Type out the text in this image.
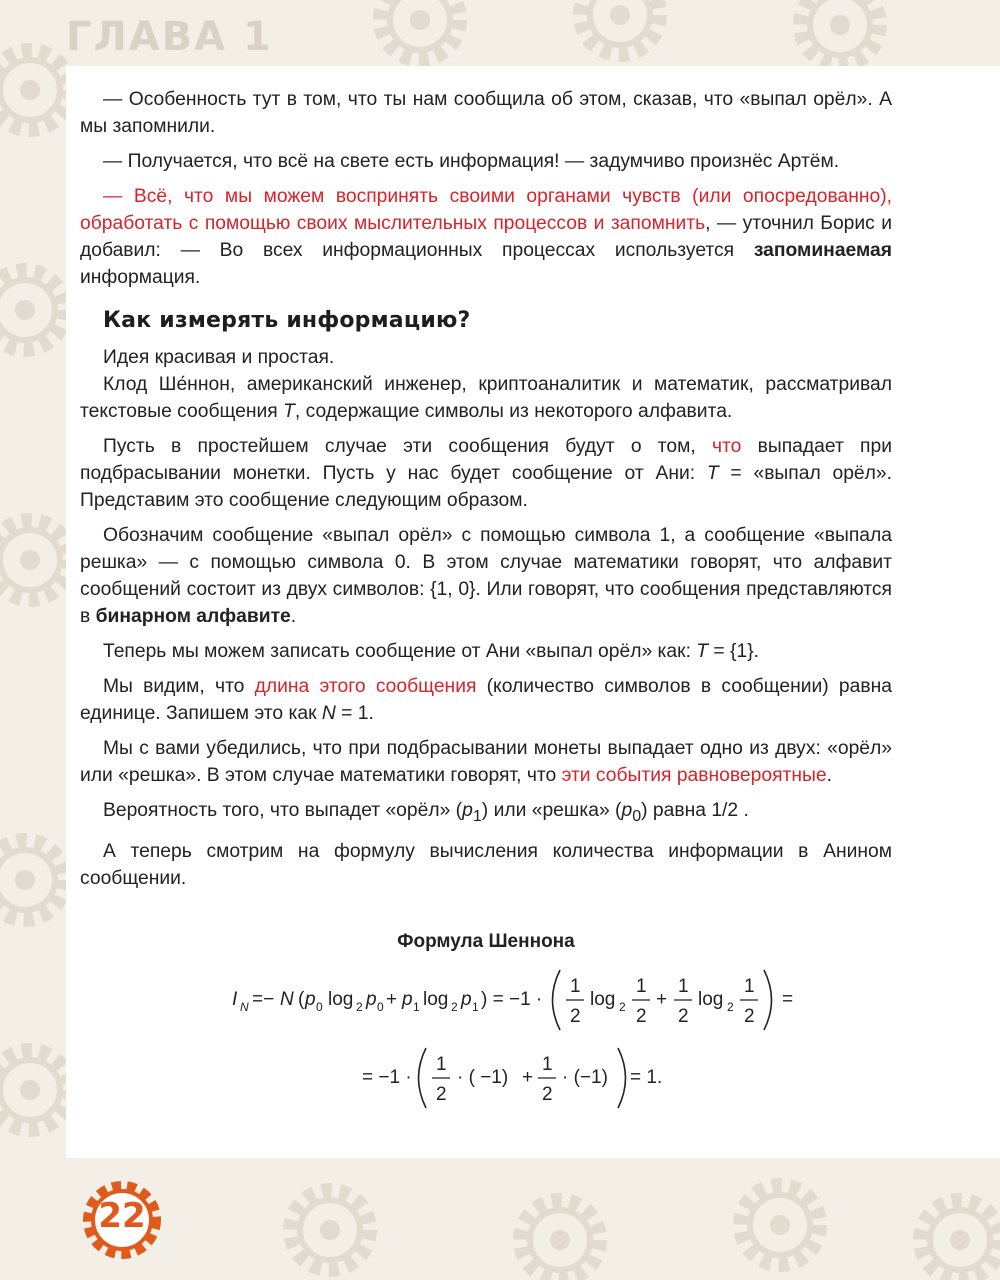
ГЛАВА 1

— Особенность тут в том, что ты нам сообщила об этом, сказав, что «выпал орёл». А мы запомнили.

— Получается, что всё на свете есть информация! — задумчиво произнёс Артём.

— Всё, что мы можем воспринять своими органами чувств (или опосредованно), обработать с помощью своих мыслительных процессов и запомнить, — уточнил Борис и добавил: — Во всех информационных процессах используется запоминаемая информация.

Как измерять информацию?

Идея красивая и простая.

Клод Ше́ннон, американский инженер, криптоаналитик и математик, рассматривал текстовые сообщения T, содержащие символы из некоторого алфавита.

Пусть в простейшем случае эти сообщения будут о том, что выпадает при подбрасывании монетки. Пусть у нас будет сообщение от Ани: T = «выпал орёл». Представим это сообщение следующим образом.

Обозначим сообщение «выпал орёл» с помощью символа 1, а сообщение «выпала решка» — с помощью символа 0. В этом случае математики говорят, что алфавит сообщений состоит из двух символов: {1, 0}. Или говорят, что сообщения представляются в бинарном алфавите.

Теперь мы можем записать сообщение от Ани «выпал орёл» как: T = {1}.

Мы видим, что длина этого сообщения (количество символов в сообщении) равна единице. Запишем это как N = 1.

Мы с вами убедились, что при подбрасывании монеты выпадает одно из двух: «орёл» или «решка». В этом случае математики говорят, что эти события равновероятные.

Вероятность того, что выпадет «орёл» $(p_1)$ или «решка» $(p_0)$ равна 1/2 .

А теперь смотрим на формулу вычисления количества информации в Анином сообщении.

Формула Шеннона
I N =− N ( p 0 log 2 p 0 + p 1 log 2 p 1 ) = −1 ·
1
2
log 2
1
2
+
1
2
log 2
1
2
=
= −1 ·
1
2
· ( −1) +
1
2
· (−1) = 1.
22
